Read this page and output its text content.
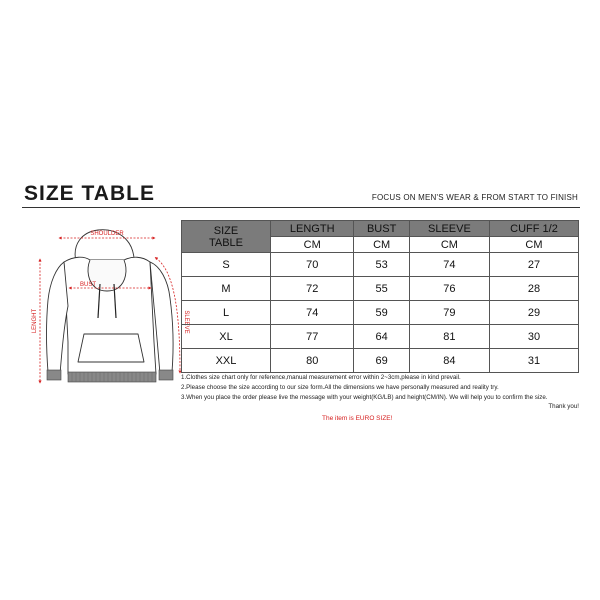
SIZE TABLE	FOCUS ON MEN'S WEAR & FROM START TO FINISH
SHOULDER
BUST
LENGHT	SLEEVE
SIZE
TABLE	LENGTH	BUST	SLEEVE	CUFF 1/2
	CM	CM	CM	CM
S	70	53	74	27
M	72	55	76	28
L	74	59	79	29
XL	77	64	81	30
XXL	80	69	84	31
1.Clothes size chart only for reference,manual measurement error within 2~3cm,please in kind prevail.
2.Please choose the size according to our size form.All the dimensions we have personally measured and reality try.
3.When you place the order please live the message with your weight(KG/LB) and height(CM/IN). We will help you to confirm the size.
Thank you!
The item is EURO SIZE!
